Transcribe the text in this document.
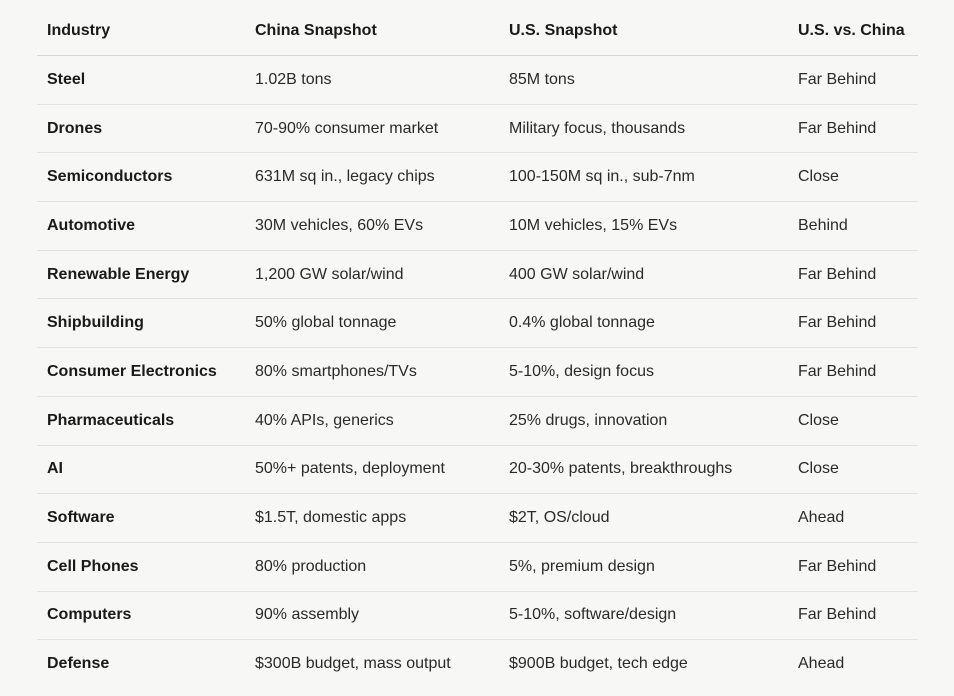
Industry	China Snapshot	U.S. Snapshot	U.S. vs. China
Steel	1.02B tons	85M tons	Far Behind
Drones	70-90% consumer market	Military focus, thousands	Far Behind
Semiconductors	631M sq in., legacy chips	100-150M sq in., sub-7nm	Close
Automotive	30M vehicles, 60% EVs	10M vehicles, 15% EVs	Behind
Renewable Energy	1,200 GW solar/wind	400 GW solar/wind	Far Behind
Shipbuilding	50% global tonnage	0.4% global tonnage	Far Behind
Consumer Electronics	80% smartphones/TVs	5-10%, design focus	Far Behind
Pharmaceuticals	40% APIs, generics	25% drugs, innovation	Close
AI	50%+ patents, deployment	20-30% patents, breakthroughs	Close
Software	$1.5T, domestic apps	$2T, OS/cloud	Ahead
Cell Phones	80% production	5%, premium design	Far Behind
Computers	90% assembly	5-10%, software/design	Far Behind
Defense	$300B budget, mass output	$900B budget, tech edge	Ahead
